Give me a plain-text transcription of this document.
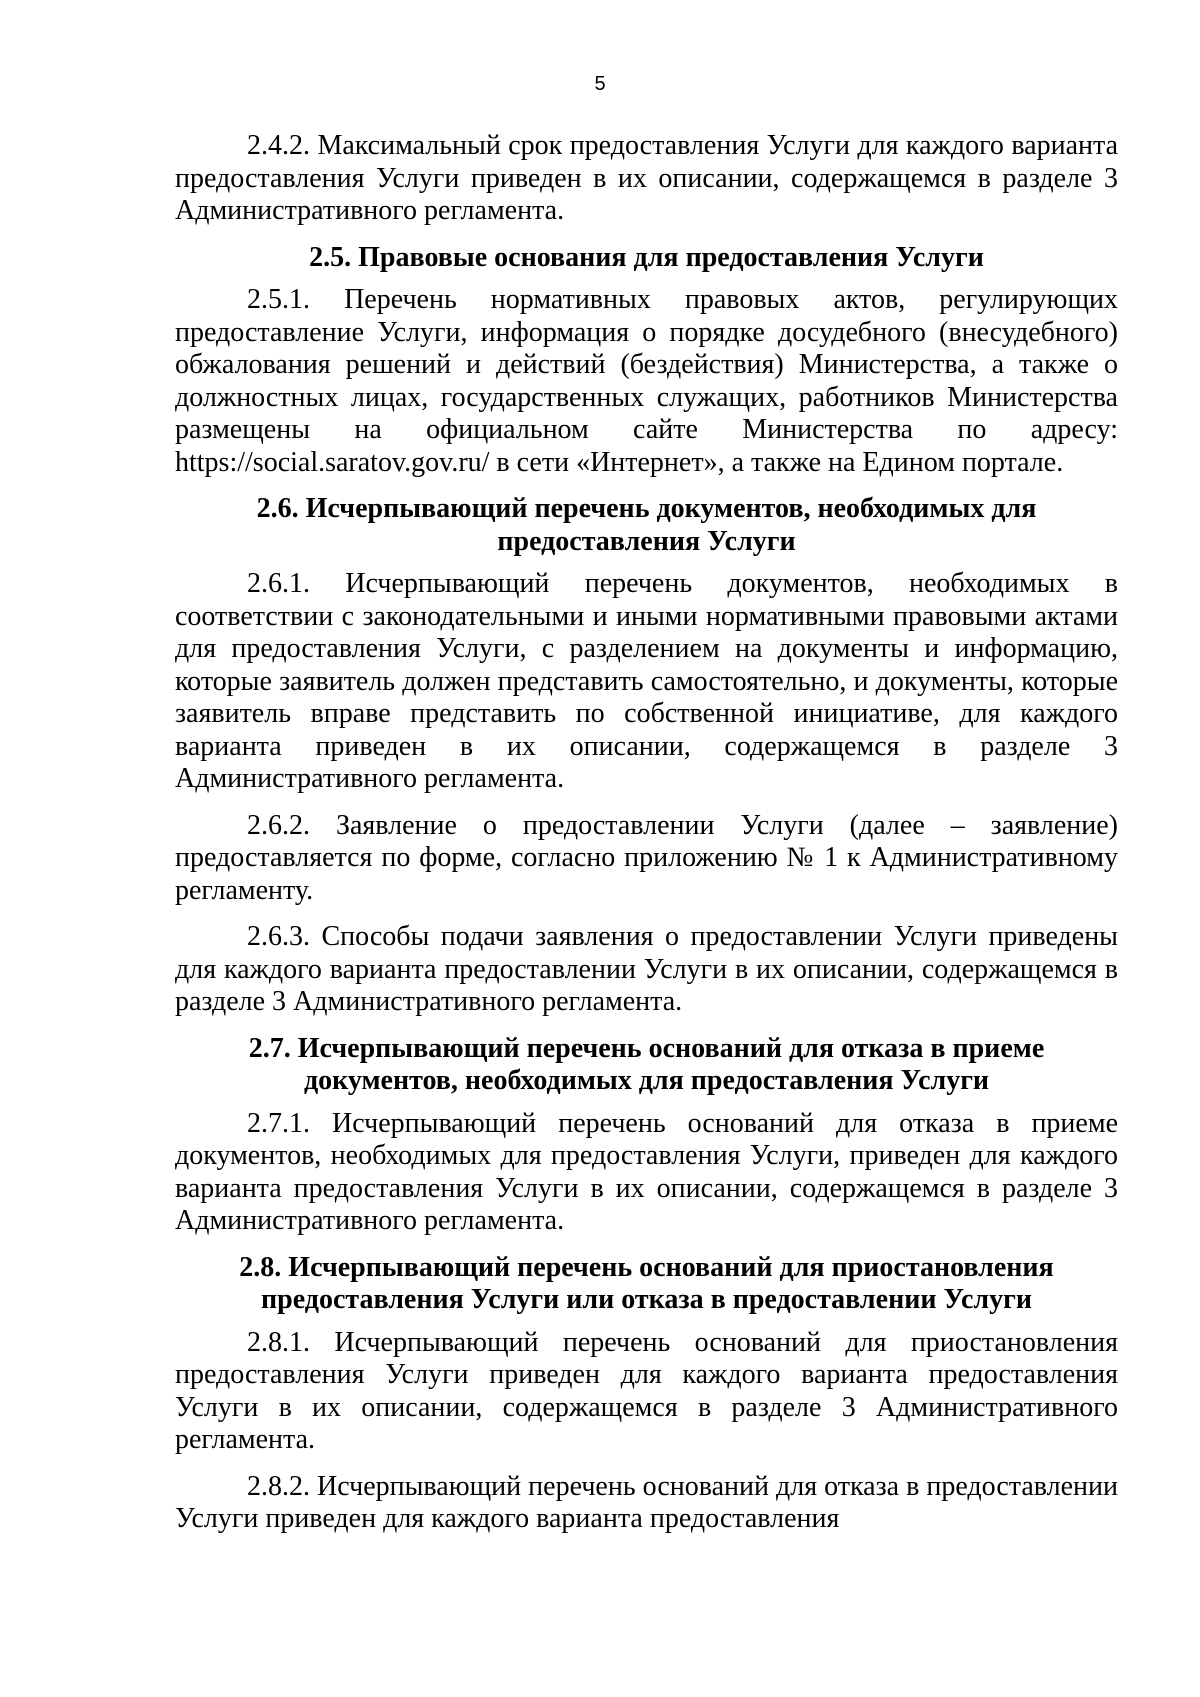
5

2.4.2. Максимальный срок предоставления Услуги для каждого варианта предоставления Услуги приведен в их описании, содержащемся в разделе 3 Административного регламента.

2.5. Правовые основания для предоставления Услуги

2.5.1. Перечень нормативных правовых актов, регулирующих предоставление Услуги, информация о порядке досудебного (внесудебного) обжалования решений и действий (бездействия) Министерства, а также о должностных лицах, государственных служащих, работников Министерства размещены на официальном сайте Министерства по адресу: https://social.saratov.gov.ru/ в сети «Интернет», а также на Едином портале.

2.6. Исчерпывающий перечень документов, необходимых для предоставления Услуги

2.6.1. Исчерпывающий перечень документов, необходимых в соответствии с законодательными и иными нормативными правовыми актами для предоставления Услуги, с разделением на документы и информацию, которые заявитель должен представить самостоятельно, и документы, которые заявитель вправе представить по собственной инициативе, для каждого варианта приведен в их описании, содержащемся в разделе 3 Административного регламента.

2.6.2. Заявление о предоставлении Услуги (далее – заявление) предоставляется по форме, согласно приложению № 1 к Административному регламенту.

2.6.3. Способы подачи заявления о предоставлении Услуги приведены для каждого варианта предоставлении Услуги в их описании, содержащемся в разделе 3 Административного регламента.

2.7. Исчерпывающий перечень оснований для отказа в приеме документов, необходимых для предоставления Услуги

2.7.1. Исчерпывающий перечень оснований для отказа в приеме документов, необходимых для предоставления Услуги, приведен для каждого варианта предоставления Услуги в их описании, содержащемся в разделе 3 Административного регламента.

2.8. Исчерпывающий перечень оснований для приостановления предоставления Услуги или отказа в предоставлении Услуги

2.8.1. Исчерпывающий перечень оснований для приостановления предоставления Услуги приведен для каждого варианта предоставления Услуги в их описании, содержащемся в разделе 3 Административного регламента.

2.8.2. Исчерпывающий перечень оснований для отказа в предоставлении Услуги приведен для каждого варианта предоставления
